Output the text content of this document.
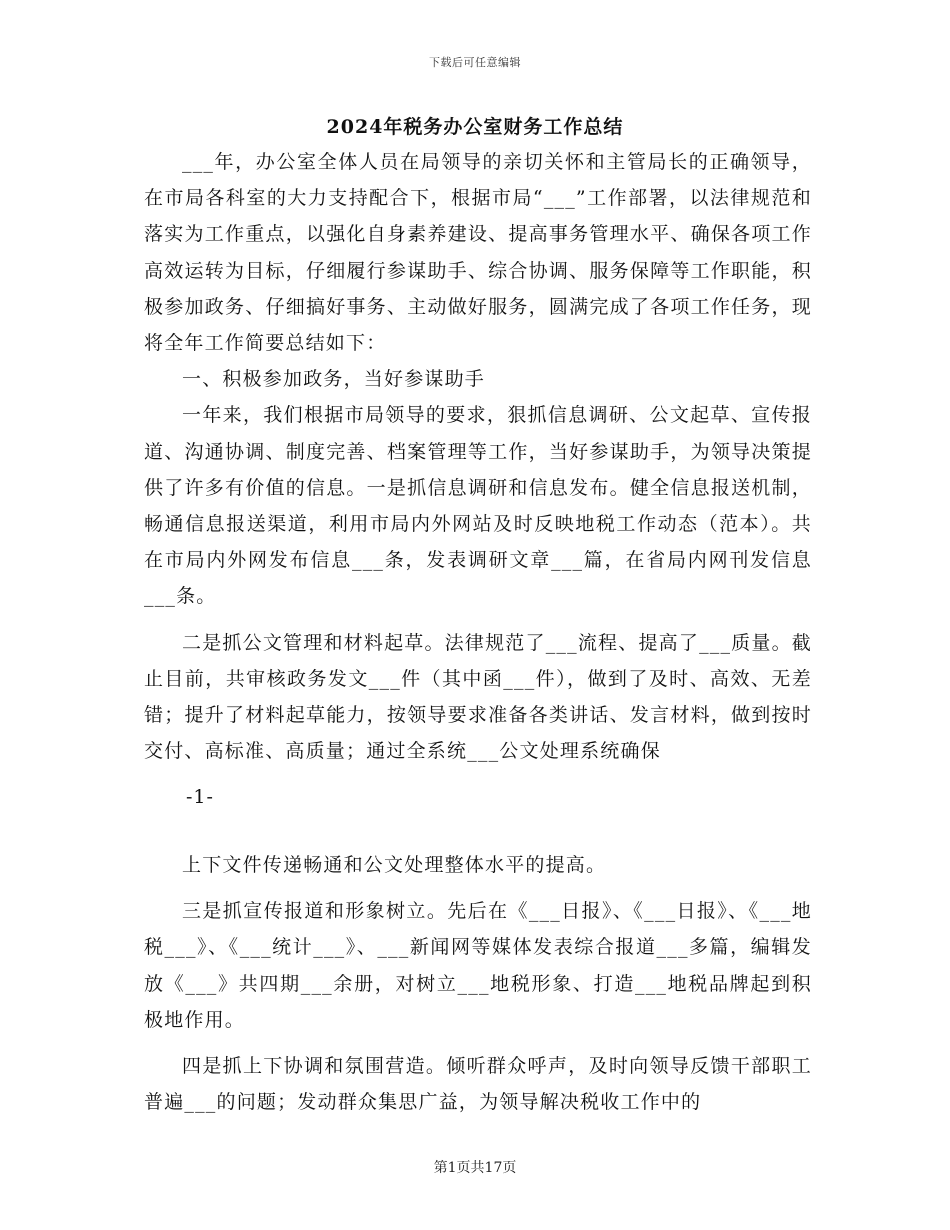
下载后可任意编辑
2024年税务办公室财务工作总结

___年，办公室全体人员在局领导的亲切关怀和主管局长的正确领导，在市局各科室的大力支持配合下，根据市局“___”工作部署，以法律规范和落实为工作重点，以强化自身素养建设、提高事务管理水平、确保各项工作高效运转为目标，仔细履行参谋助手、综合协调、服务保障等工作职能，积极参加政务、仔细搞好事务、主动做好服务，圆满完成了各项工作任务，现将全年工作简要总结如下：

一、积极参加政务，当好参谋助手

一年来，我们根据市局领导的要求，狠抓信息调研、公文起草、宣传报道、沟通协调、制度完善、档案管理等工作，当好参谋助手，为领导决策提供了许多有价值的信息。一是抓信息调研和信息发布。健全信息报送机制，畅通信息报送渠道，利用市局内外网站及时反映地税工作动态（范本）。共在市局内外网发布信息___条，发表调研文章___篇，在省局内网刊发信息___条。

二是抓公文管理和材料起草。法律规范了___流程、提高了___质量。截止目前，共审核政务发文___件（其中函___件），做到了及时、高效、无差错；提升了材料起草能力，按领导要求准备各类讲话、发言材料，做到按时交付、高标准、高质量；通过全系统___公文处理系统确保

-1-

上下文件传递畅通和公文处理整体水平的提高。

三是抓宣传报道和形象树立。先后在《___日报》、《___日报》、《___地税___》、《___统计___》、___新闻网等媒体发表综合报道___多篇，编辑发放《___》共四期___余册，对树立___地税形象、打造___地税品牌起到积极地作用。

四是抓上下协调和氛围营造。倾听群众呼声，及时向领导反馈干部职工普遍___的问题；发动群众集思广益，为领导解决税收工作中的

第1页共17页
